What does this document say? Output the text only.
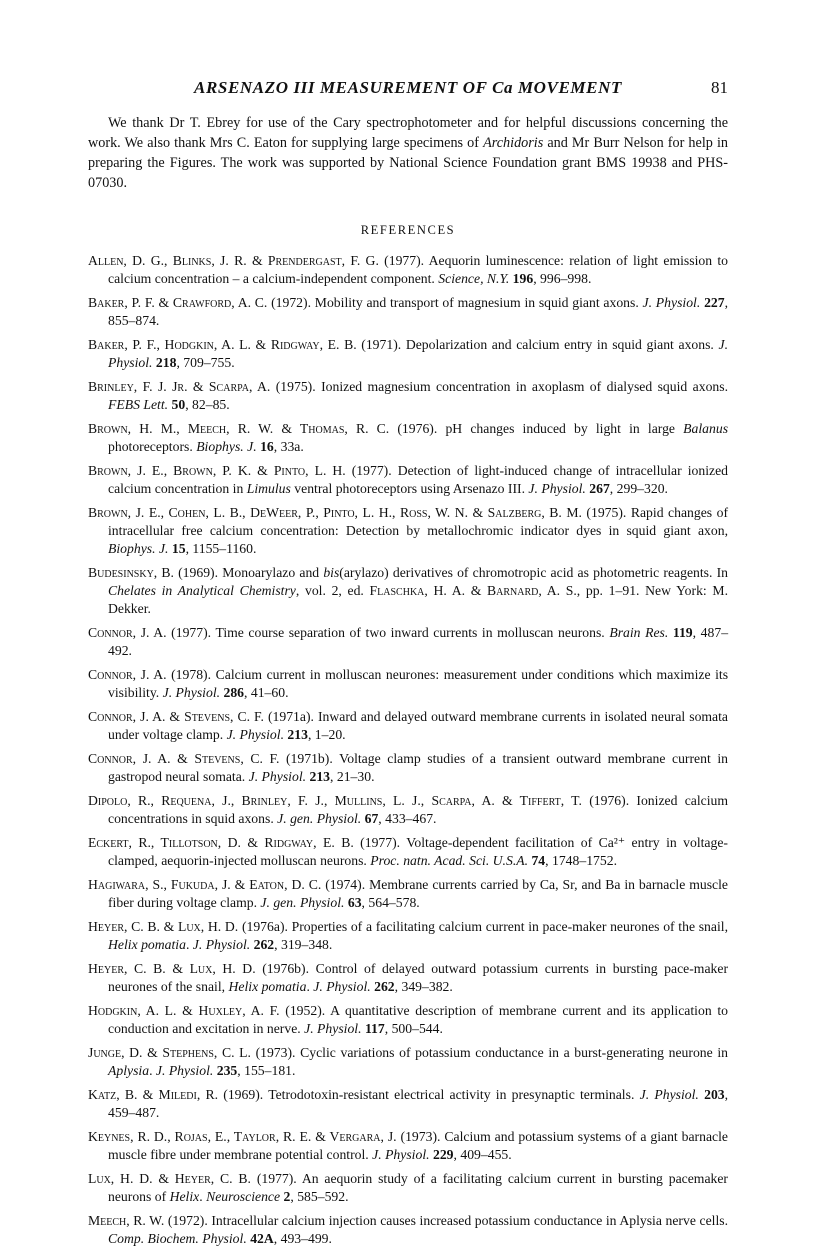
ARSENAZO III MEASUREMENT OF Ca MOVEMENT	81

We thank Dr T. Ebrey for use of the Cary spectrophotometer and for helpful discussions concerning the work. We also thank Mrs C. Eaton for supplying large specimens of Archidoris and Mr Burr Nelson for help in preparing the Figures. The work was supported by National Science Foundation grant BMS 19938 and PHS-07030.

REFERENCES
Allen, D. G., Blinks, J. R. & Prendergast, F. G. (1977). Aequorin luminescence: relation of light emission to calcium concentration – a calcium-independent component. Science, N.Y. 196, 996–998.
Baker, P. F. & Crawford, A. C. (1972). Mobility and transport of magnesium in squid giant axons. J. Physiol. 227, 855–874.
Baker, P. F., Hodgkin, A. L. & Ridgway, E. B. (1971). Depolarization and calcium entry in squid giant axons. J. Physiol. 218, 709–755.
Brinley, F. J. Jr. & Scarpa, A. (1975). Ionized magnesium concentration in axoplasm of dialysed squid axons. FEBS Lett. 50, 82–85.
Brown, H. M., Meech, R. W. & Thomas, R. C. (1976). pH changes induced by light in large Balanus photoreceptors. Biophys. J. 16, 33a.
Brown, J. E., Brown, P. K. & Pinto, L. H. (1977). Detection of light-induced change of intracellular ionized calcium concentration in Limulus ventral photoreceptors using Arsenazo III. J. Physiol. 267, 299–320.
Brown, J. E., Cohen, L. B., DeWeer, P., Pinto, L. H., Ross, W. N. & Salzberg, B. M. (1975). Rapid changes of intracellular free calcium concentration: Detection by metallochromic indicator dyes in squid giant axon, Biophys. J. 15, 1155–1160.
Budesinsky, B. (1969). Monoarylazo and bis(arylazo) derivatives of chromotropic acid as photometric reagents. In Chelates in Analytical Chemistry, vol. 2, ed. Flaschka, H. A. & Barnard, A. S., pp. 1–91. New York: M. Dekker.
Connor, J. A. (1977). Time course separation of two inward currents in molluscan neurons. Brain Res. 119, 487–492.
Connor, J. A. (1978). Calcium current in molluscan neurones: measurement under conditions which maximize its visibility. J. Physiol. 286, 41–60.
Connor, J. A. & Stevens, C. F. (1971a). Inward and delayed outward membrane currents in isolated neural somata under voltage clamp. J. Physiol. 213, 1–20.
Connor, J. A. & Stevens, C. F. (1971b). Voltage clamp studies of a transient outward membrane current in gastropod neural somata. J. Physiol. 213, 21–30.
Dipolo, R., Requena, J., Brinley, F. J., Mullins, L. J., Scarpa, A. & Tiffert, T. (1976). Ionized calcium concentrations in squid axons. J. gen. Physiol. 67, 433–467.
Eckert, R., Tillotson, D. & Ridgway, E. B. (1977). Voltage-dependent facilitation of Ca²⁺ entry in voltage-clamped, aequorin-injected molluscan neurons. Proc. natn. Acad. Sci. U.S.A. 74, 1748–1752.
Hagiwara, S., Fukuda, J. & Eaton, D. C. (1974). Membrane currents carried by Ca, Sr, and Ba in barnacle muscle fiber during voltage clamp. J. gen. Physiol. 63, 564–578.
Heyer, C. B. & Lux, H. D. (1976a). Properties of a facilitating calcium current in pace-maker neurones of the snail, Helix pomatia. J. Physiol. 262, 319–348.
Heyer, C. B. & Lux, H. D. (1976b). Control of delayed outward potassium currents in bursting pace-maker neurones of the snail, Helix pomatia. J. Physiol. 262, 349–382.
Hodgkin, A. L. & Huxley, A. F. (1952). A quantitative description of membrane current and its application to conduction and excitation in nerve. J. Physiol. 117, 500–544.
Junge, D. & Stephens, C. L. (1973). Cyclic variations of potassium conductance in a burst-generating neurone in Aplysia. J. Physiol. 235, 155–181.
Katz, B. & Miledi, R. (1969). Tetrodotoxin-resistant electrical activity in presynaptic terminals. J. Physiol. 203, 459–487.
Keynes, R. D., Rojas, E., Taylor, R. E. & Vergara, J. (1973). Calcium and potassium systems of a giant barnacle muscle fibre under membrane potential control. J. Physiol. 229, 409–455.
Lux, H. D. & Heyer, C. B. (1977). An aequorin study of a facilitating calcium current in bursting pacemaker neurons of Helix. Neuroscience 2, 585–592.
Meech, R. W. (1972). Intracellular calcium injection causes increased potassium conductance in Aplysia nerve cells. Comp. Biochem. Physiol. 42A, 493–499.
